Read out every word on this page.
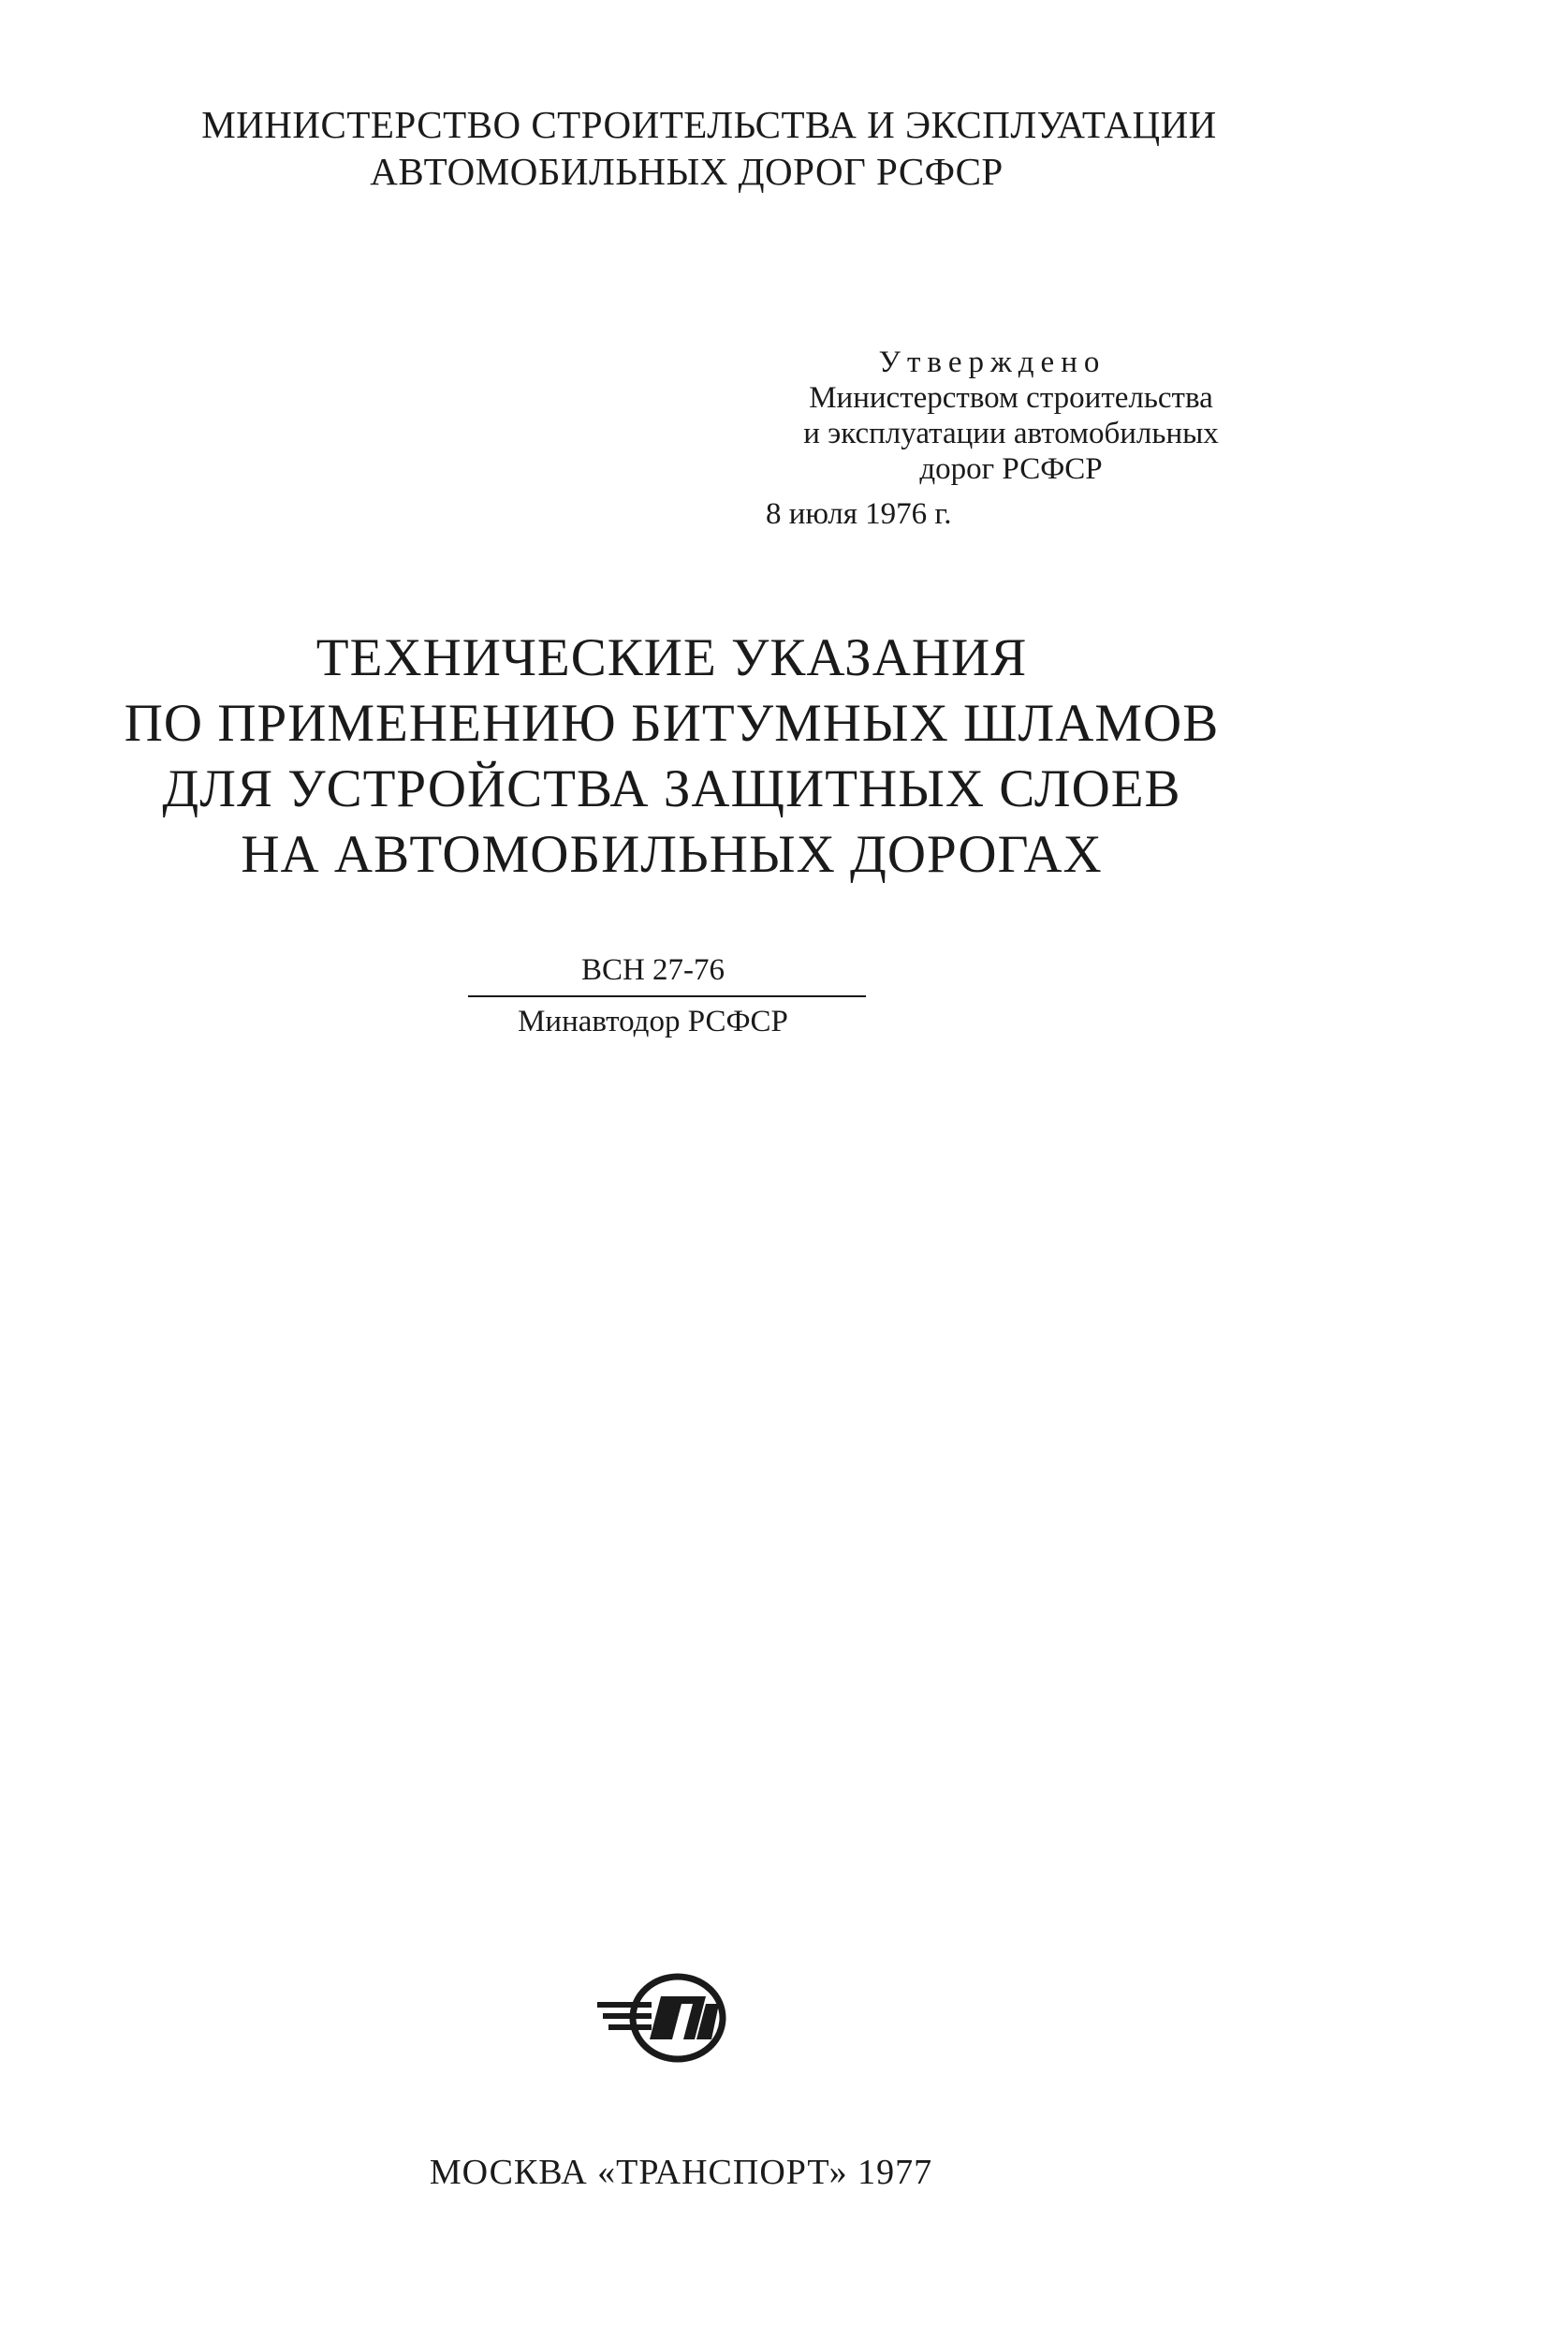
МИНИСТЕРСТВО СТРОИТЕЛЬСТВА И ЭКСПЛУАТАЦИИ
АВТОМОБИЛЬНЫХ ДОРОГ РСФСР
Утверждено
Министерством строительства
и эксплуатации автомобильных
дорог РСФСР
8 июля 1976 г.
ТЕХНИЧЕСКИЕ УКАЗАНИЯ
ПО ПРИМЕНЕНИЮ БИТУМНЫХ ШЛАМОВ
ДЛЯ УСТРОЙСТВА ЗАЩИТНЫХ СЛОЕВ
НА АВТОМОБИЛЬНЫХ ДОРОГАХ
ВСН 27-76
Минавтодор РСФСР
МОСКВА «ТРАНСПОРТ» 1977
